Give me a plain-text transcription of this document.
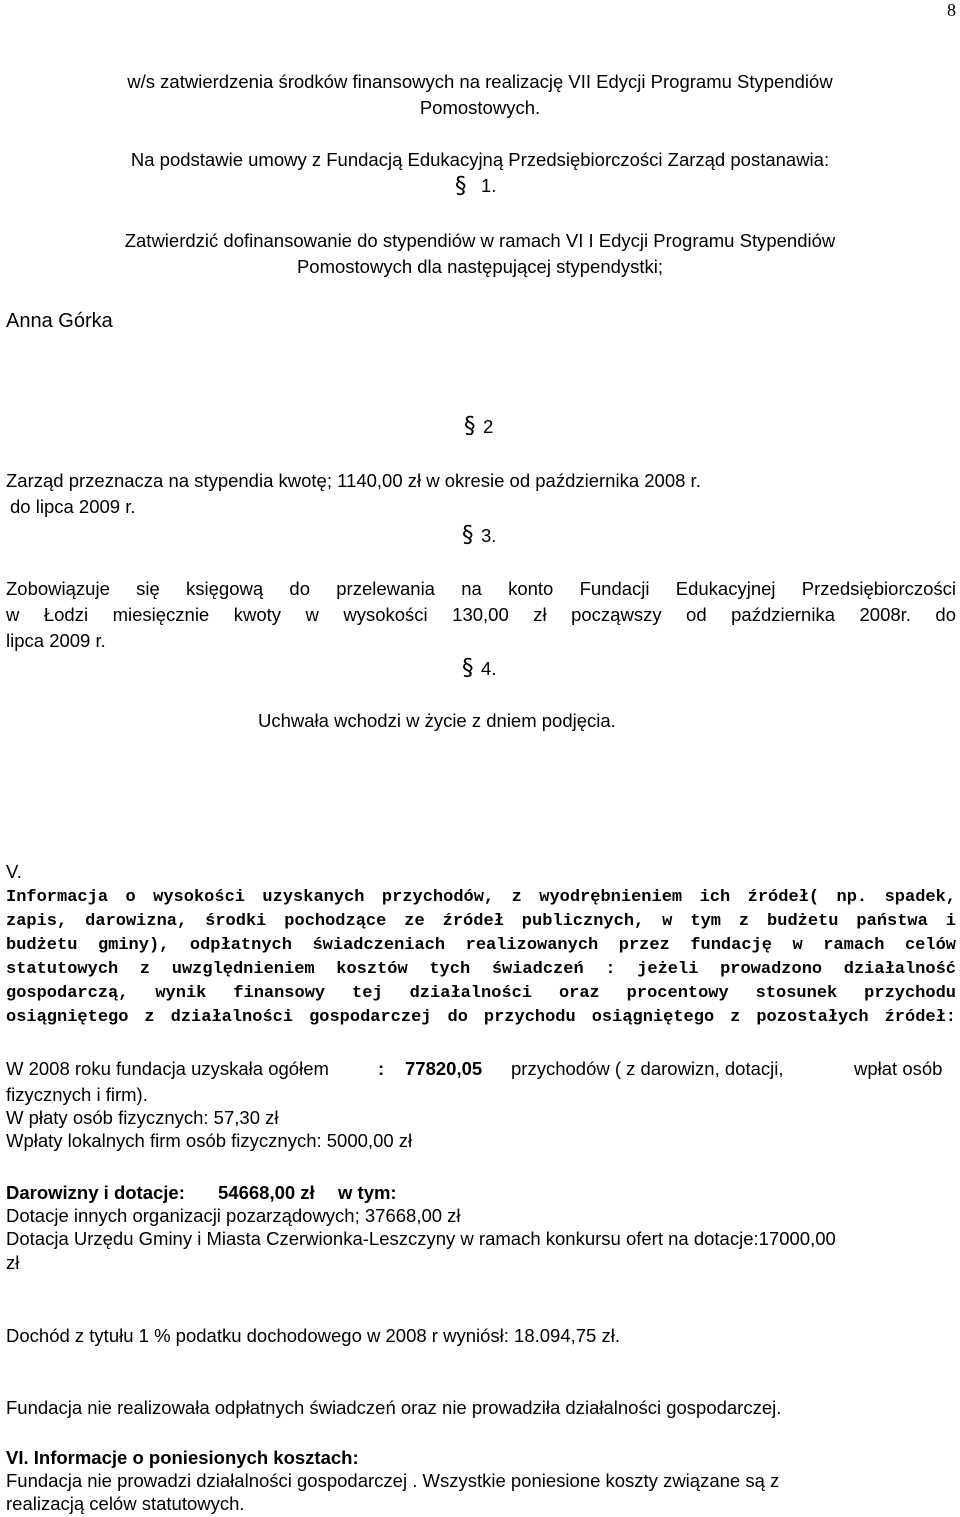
8
w/s zatwierdzenia środków finansowych na realizację VII Edycji Programu Stypendiów
Pomostowych.
Na podstawie umowy z Fundacją Edukacyjną Przedsiębiorczości Zarząd postanawia:
§ 1.
Zatwierdzić dofinansowanie do stypendiów w ramach VI I Edycji Programu Stypendiów
Pomostowych dla następującej stypendystki;
Anna Górka
§ 2
Zarząd przeznacza na stypendia kwotę; 1140,00 zł w okresie od października 2008 r.
do lipca 2009 r.
§ 3.
Zobowiązuje się księgową do przelewania na konto Fundacji Edukacyjnej Przedsiębiorczości
w Łodzi miesięcznie kwoty w wysokości 130,00 zł począwszy od października 2008r. do
lipca 2009 r.
§ 4.
Uchwała wchodzi w życie z dniem podjęcia.
V.
Informacja o wysokości uzyskanych przychodów, z wyodrębnieniem ich źródeł( np. spadek,
zapis, darowizna, środki pochodzące ze źródeł publicznych, w tym z budżetu państwa i
budżetu gminy), odpłatnych świadczeniach realizowanych przez fundację w ramach celów
statutowych z uwzględnieniem kosztów tych świadczeń : jeżeli prowadzono działalność
gospodarczą, wynik finansowy tej działalności oraz procentowy stosunek przychodu
osiągniętego z działalności gospodarczej do przychodu osiągniętego z pozostałych źródeł:
W 2008 roku fundacja uzyskała ogółem	: 77820,05 przychodów ( z darowizn, dotacji,	wpłat osób
fizycznych i firm).
W płaty osób fizycznych: 57,30 zł
Wpłaty lokalnych firm osób fizycznych: 5000,00 zł
Darowizny i dotacje: 54668,00 zł w tym:
Dotacje innych organizacji pozarządowych; 37668,00 zł
Dotacja Urzędu Gminy i Miasta Czerwionka-Leszczyny w ramach konkursu ofert na dotacje:17000,00
zł
Dochód z tytułu 1 % podatku dochodowego w 2008 r wyniósł: 18.094,75 zł.
Fundacja nie realizowała odpłatnych świadczeń oraz nie prowadziła działalności gospodarczej.
VI. Informacje o poniesionych kosztach:
Fundacja nie prowadzi działalności gospodarczej . Wszystkie poniesione koszty związane są z
realizacją celów statutowych.
